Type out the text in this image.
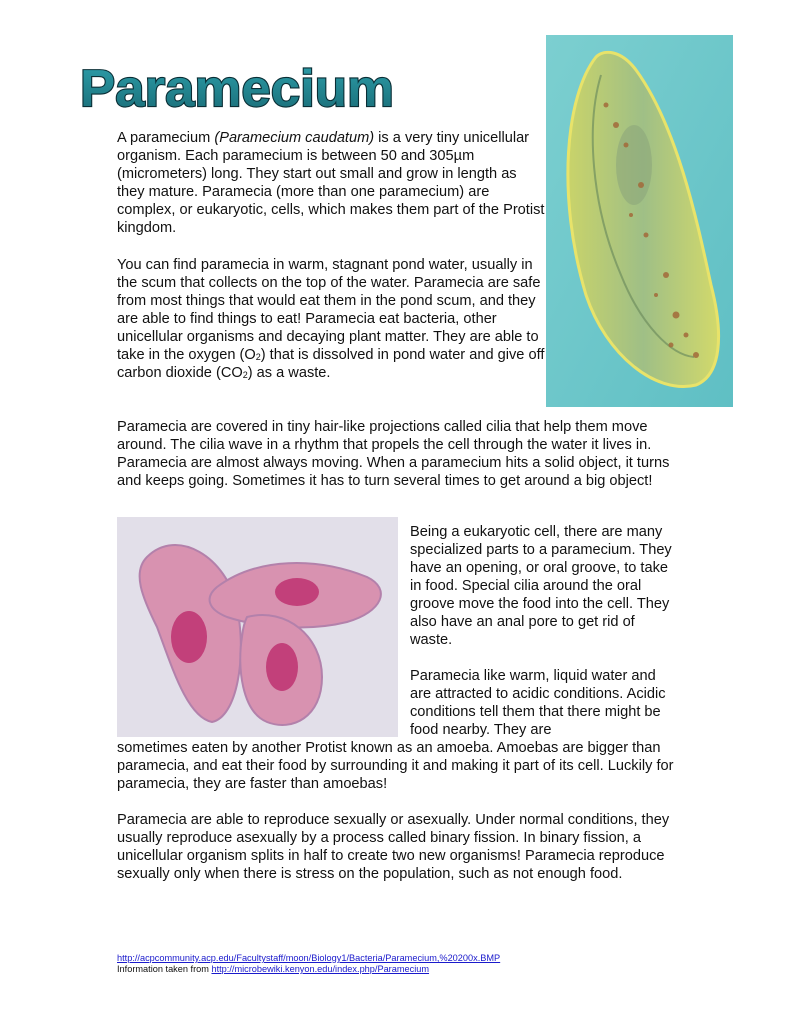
Paramecium

A paramecium (Paramecium caudatum) is a very tiny unicellular organism. Each paramecium is between 50 and 305µm (micrometers) long. They start out small and grow in length as they mature. Paramecia (more than one paramecium) are complex, or eukaryotic, cells, which makes them part of the Protist kingdom.

You can find paramecia in warm, stagnant pond water, usually in the scum that collects on the top of the water. Paramecia are safe from most things that would eat them in the pond scum, and they are able to find things to eat! Paramecia eat bacteria, other unicellular organisms and decaying plant matter. They are able to take in the oxygen $(O_2)$ that is dissolved in pond water and give off carbon dioxide $(CO_2)$ as a waste.

Paramecia are covered in tiny hair-like projections called cilia that help them move around. The cilia wave in a rhythm that propels the cell through the water it lives in. Paramecia are almost always moving. When a paramecium hits a solid object, it turns and keeps going. Sometimes it has to turn several times to get around a big object!

Being a eukaryotic cell, there are many specialized parts to a paramecium. They have an opening, or oral groove, to take in food. Special cilia around the oral groove move the food into the cell. They also have an anal pore to get rid of waste.

Paramecia like warm, liquid water and are attracted to acidic conditions. Acidic conditions tell them that there might be food nearby. They are

sometimes eaten by another Protist known as an amoeba. Amoebas are bigger than paramecia, and eat their food by surrounding it and making it part of its cell. Luckily for paramecia, they are faster than amoebas!

Paramecia are able to reproduce sexually or asexually. Under normal conditions, they usually reproduce asexually by a process called binary fission. In binary fission, a unicellular organism splits in half to create two new organisms! Paramecia reproduce sexually only when there is stress on the population, such as not enough food.

http://acpcommunity.acp.edu/Facultystaff/moon/Biology1/Bacteria/Paramecium,%20200x.BMP
Information taken from http://microbewiki.kenyon.edu/index.php/Paramecium
